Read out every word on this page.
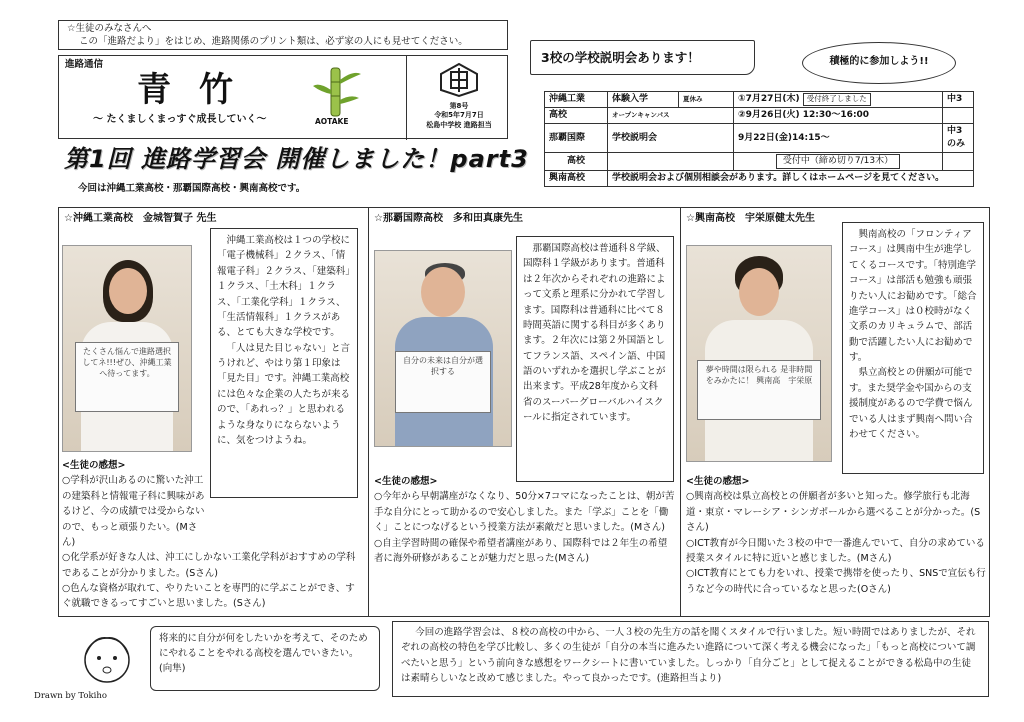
☆生徒のみなさんへ
この「進路だより」をはじめ、進路関係のプリント類は、必ず家の人にも見せてください。
進路通信
青竹
～ たくましくまっすぐ成長していく～	AOTAKE
第8号
令和5年7月7日
松島中学校 進路担当
第1回 進路学習会 開催しました！part3
今回は沖縄工業高校・那覇国際高校・興南高校です。
3校の学校説明会あります！	積極的に参加しよう!!
沖縄工業	体験入学	夏休み	①7月27日(木) 受付終了しました	中3
高校	オープンキャンパス		②9月26日(火) 12:30～16:00	
那覇国際	学校説明会		9月22日(金)14:15～	中3のみ
高校			受付中（締め切り7/13木）	
興南高校	学校説明会および個別相談会があります。詳しくはホームページを見てください。			
☆沖縄工業高校　金城智賀子 先生
たくさん悩んで進路選択してネ!!!ぜひ、沖縄工業へ待ってます。
沖縄工業高校は１つの学校に「電子機械科」２クラス、「情報電子科」２クラス、「建築科」１クラス、「土木科」１クラス、「工業化学科」１クラス、「生活情報科」１クラスがある、とても大きな学校です。
「人は見た目じゃない」と言うけれど、やはり第１印象は「見た目」です。沖縄工業高校には色々な企業の人たちが来るので、「あれっ？」と思われるような身なりにならないように、気をつけようね。
<生徒の感想>
○学科が沢山あるのに驚いた沖工の建築科と情報電子科に興味があるけど、今の成績では受からないので、もっと頑張りたい。(Mさん)
○化学系が好きな人は、沖工にしかない工業化学科がおすすめの学科であることが分かりました。(Sさん)
○色んな資格が取れて、やりたいことを専門的に学ぶことができ、すぐ就職できるってすごいと思いました。(Sさん)
☆那覇国際高校　多和田真康先生
自分の未来は自分が選択する
那覇国際高校は普通科８学級、国際科１学級があります。普通科は２年次からそれぞれの進路によって文系と理系に分かれて学習します。国際科は普通科に比べて８時間英語に関する科目が多くあります。２年次には第２外国語としてフランス語、スペイン語、中国語のいずれかを選択し学ぶことが出来ます。平成28年度から文科省のスーパーグローバルハイスクールに指定されています。
<生徒の感想>
○今年から早朝講座がなくなり、50分×7コマになったことは、朝が苦手な自分にとって助かるので安心しました。また「学ぶ」ことを「働く」ことにつなげるという授業方法が素敵だと思いました。(Mさん)
○自主学習時間の確保や希望者講座があり、国際科では２年生の希望者に海外研修があることが魅力だと思った(Mさん)
☆興南高校　宇栄原健太先生
夢や時間は限られる 是非時間をみかたに！ 興南高　宇栄原
興南高校の「フロンティアコース」は興南中生が進学してくるコースです。「特別進学コース」は部活も勉強も頑張りたい人にお勧めです。「総合進学コース」は０校時がなく文系のカリキュラムで、部活動で活躍したい人にお勧めです。
県立高校との併願が可能です。また奨学金や国からの支援制度があるので学費で悩んでいる人はまず興南へ問い合わせてください。
<生徒の感想>
○興南高校は県立高校との併願者が多いと知った。修学旅行も北海道・東京・マレーシア・シンガポールから選べることが分かった。(Sさん)
○ICT教育が今日聞いた３校の中で一番進んでいて、自分の求めている授業スタイルに特に近いと感じました。(Mさん)
○ICT教育にとても力をいれ、授業で携帯を使ったり、SNSで宣伝も行うなど今の時代に合っているなと思った(Oさん)
将来的に自分が何をしたいかを考えて、そのためにやれることをやれる高校を選んでいきたい。(向隼)
Drawn by Tokiho
今回の進路学習会は、８校の高校の中から、一人３校の先生方の話を聞くスタイルで行いました。短い時間ではありましたが、それぞれの高校の特色を学び比較し、多くの生徒が「自分の本当に進みたい進路について深く考える機会になった」「もっと高校について調べたいと思う」という前向きな感想をワークシートに書いていました。しっかり「自分ごと」として捉えることができる松島中の生徒は素晴らしいなと改めて感じました。やって良かったです。(進路担当より)
